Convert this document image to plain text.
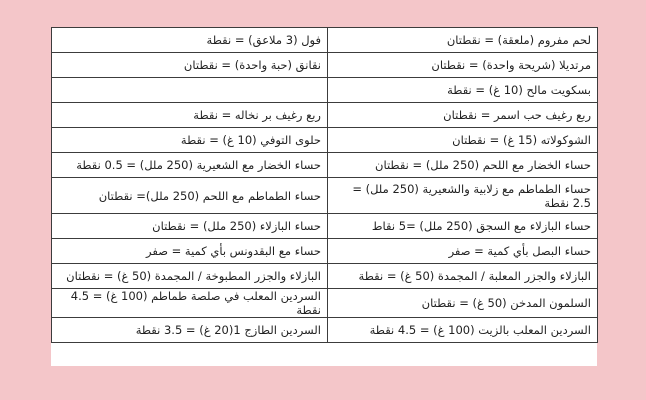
لحم مفروم (ملعقة) = نقطتان	فول (3 ملاعق) = نقطة
مرتديلا (شريحة واحدة) = نقطتان	نقانق (حبة واحدة) = نقطتان
بسكويت مالح (10 غ) = نقطة	
ربع رغيف حب اسمر = نقطتان	ربع رغيف بر نخاله = نقطة
الشوكولاته (15 غ) = نقطتان	حلوى التوفي (10 غ) = نقطة
حساء الخضار مع اللحم (250 ملل) = نقطتان	حساء الخضار مع الشعيرية (250 ملل) = 0.5 نقطة
حساء الطماطم مع زلابية والشعيرية (250 ملل) = 2.5 نقطة	حساء الطماطم مع اللحم (250 ملل)= نقطتان
حساء البازلاء مع السجق (250 ملل) =5 نقاط	حساء البازلاء (250 ملل) = نقطتان
حساء البصل بأي كمية = صفر	حساء مع البقدونس بأي كمية = صفر
البازلاء والجزر المعلبة / المجمدة (50 غ) = نقطة	البازلاء والجزر المطبوخة / المجمدة (50 غ) = نقطتان
السلمون المدخن (50 غ) = نقطتان	السردين المعلب في صلصة طماطم (100 غ) = 4.5 نقطة
السردين المعلب بالزيت (100 غ) = 4.5 نقطة	السردين الطازج 1(20 غ) = 3.5 نقطة
